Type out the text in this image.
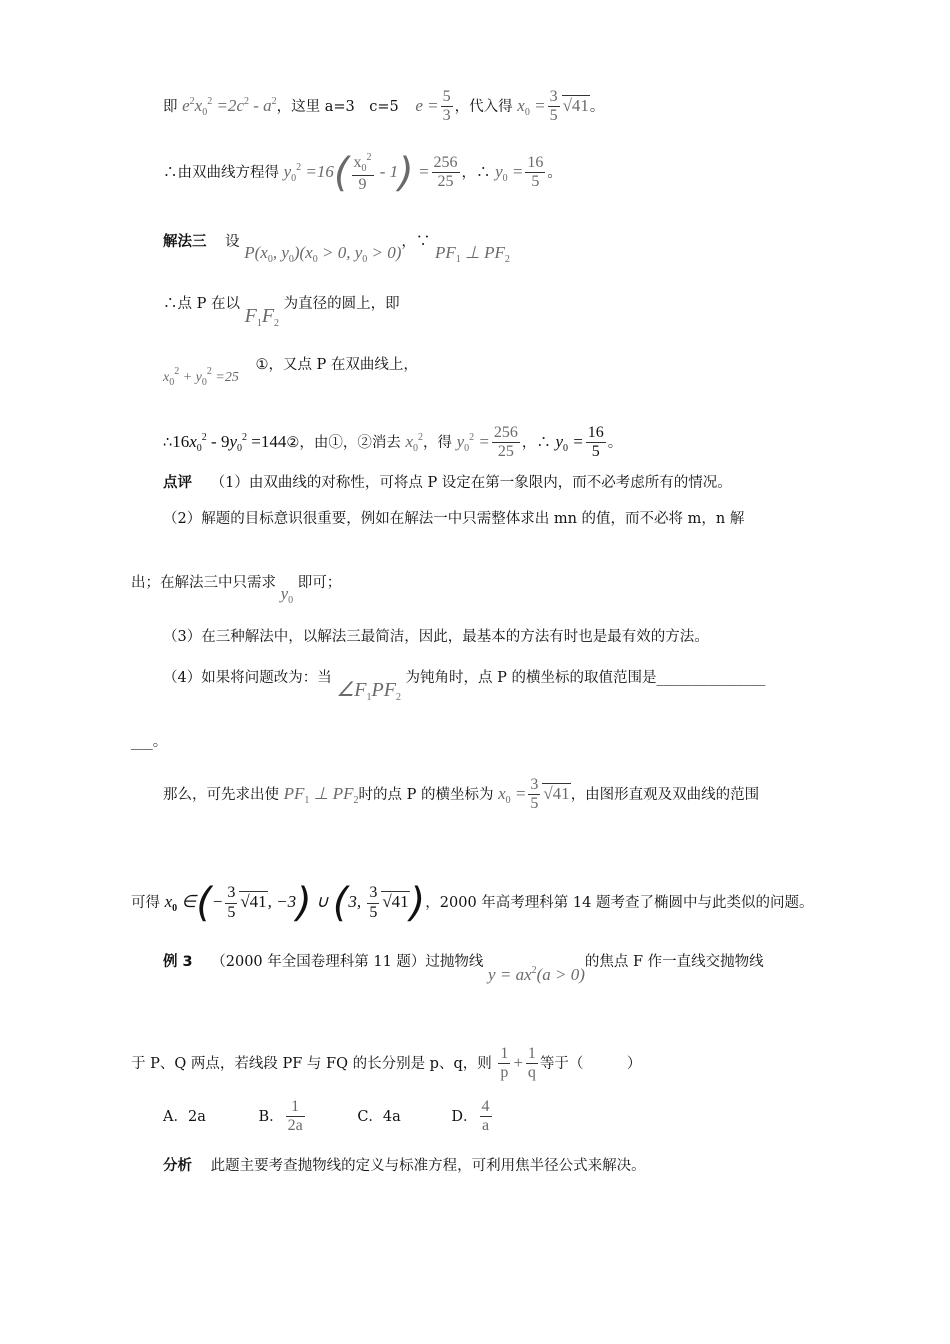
即 $e^2x_0^2 =2c^2 - a^2$，这里 a=3　c=5 $e = \frac{5}{3}$ ，代入得 $x_0 = \frac{3}{5} √41$。
∴由双曲线方程得 $y_0^2 =16( \frac{x_0^2}{9} - 1) = \frac{256}{25}$ ，∴ $y_0 = \frac{16}{5}$ 。
解法三 设 $P(x_0$, $y_0)(x_0 > 0$, $y_0 > 0$)，∵ $PF_1$ ⊥ $PF_2$
∴点 P 在以 $F_1F_2$ 为直径的圆上，即
$x_0^2 + y_0^2 =25$ ①，又点 P 在双曲线上，
$\therefore 16x_0^2 - 9y_0^2$ =144②，由①，②消去 $x_0^2$，得 $y_0^2 = \frac{256}{25}$ ，∴ $y_0 = \frac{16}{5}$ 。
点评 （1）由双曲线的对称性，可将点 P 设定在第一象限内，而不必考虑所有的情况。
（2）解题的目标意识很重要，例如在解法一中只需整体求出 mn 的值，而不必将 m，n 解
出；在解法三中只需求 $y_0$ 即可；
（3）在三种解法中，以解法三最简洁，因此，最基本的方法有时也是最有效的方法。
（4）如果将问题改为：当 $\angle F_1PF_2$ 为钝角时，点 P 的横坐标的取值范围是_______________
___。
那么，可先求出使 $PF_1$ ⊥ $PF_2$时的点 P 的横坐标为 $x_0 = \frac{3}{5} √41$，由图形直观及双曲线的范围
可得 $x_0$ ∈(− $\frac{3}{5} √41$, −3) ∪ (3, $\frac{3}{5} √41$)，2000 年高考理科第 14 题考查了椭圆中与此类似的问题。
例 3 （2000 年全国卷理科第 11 题）过抛物线 $y = ax^2(a > 0)$的焦点 F 作一直线交抛物线
于 P、Q 两点，若线段 PF 与 FQ 的长分别是 p、q，则 $\frac{1}{p} + \frac{1}{q}$ 等于（　　　）
A．2a	B． $\frac{1}{2a}$	C．4a	D． $\frac{4}{a}$
分析 此题主要考查抛物线的定义与标准方程，可利用焦半径公式来解决。
